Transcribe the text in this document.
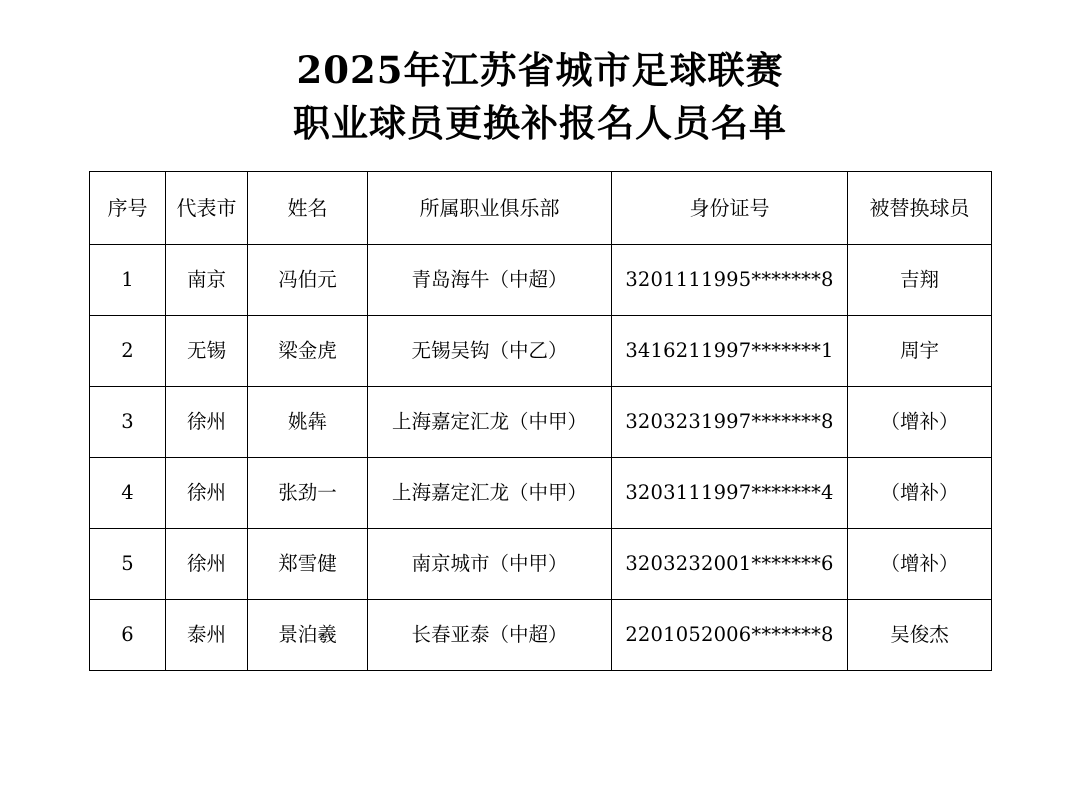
2025年江苏省城市足球联赛
职业球员更换补报名人员名单
序号	代表市	姓名	所属职业俱乐部	身份证号	被替换球员
1	南京	冯伯元	青岛海牛（中超）	3201111995*******8	吉翔
2	无锡	梁金虎	无锡吴钩（中乙）	3416211997*******1	周宇
3	徐州	姚犇	上海嘉定汇龙（中甲）	3203231997*******8	（增补）
4	徐州	张劲一	上海嘉定汇龙（中甲）	3203111997*******4	（增补）
5	徐州	郑雪健	南京城市（中甲）	3203232001*******6	（增补）
6	泰州	景泊羲	长春亚泰（中超）	2201052006*******8	吴俊杰
